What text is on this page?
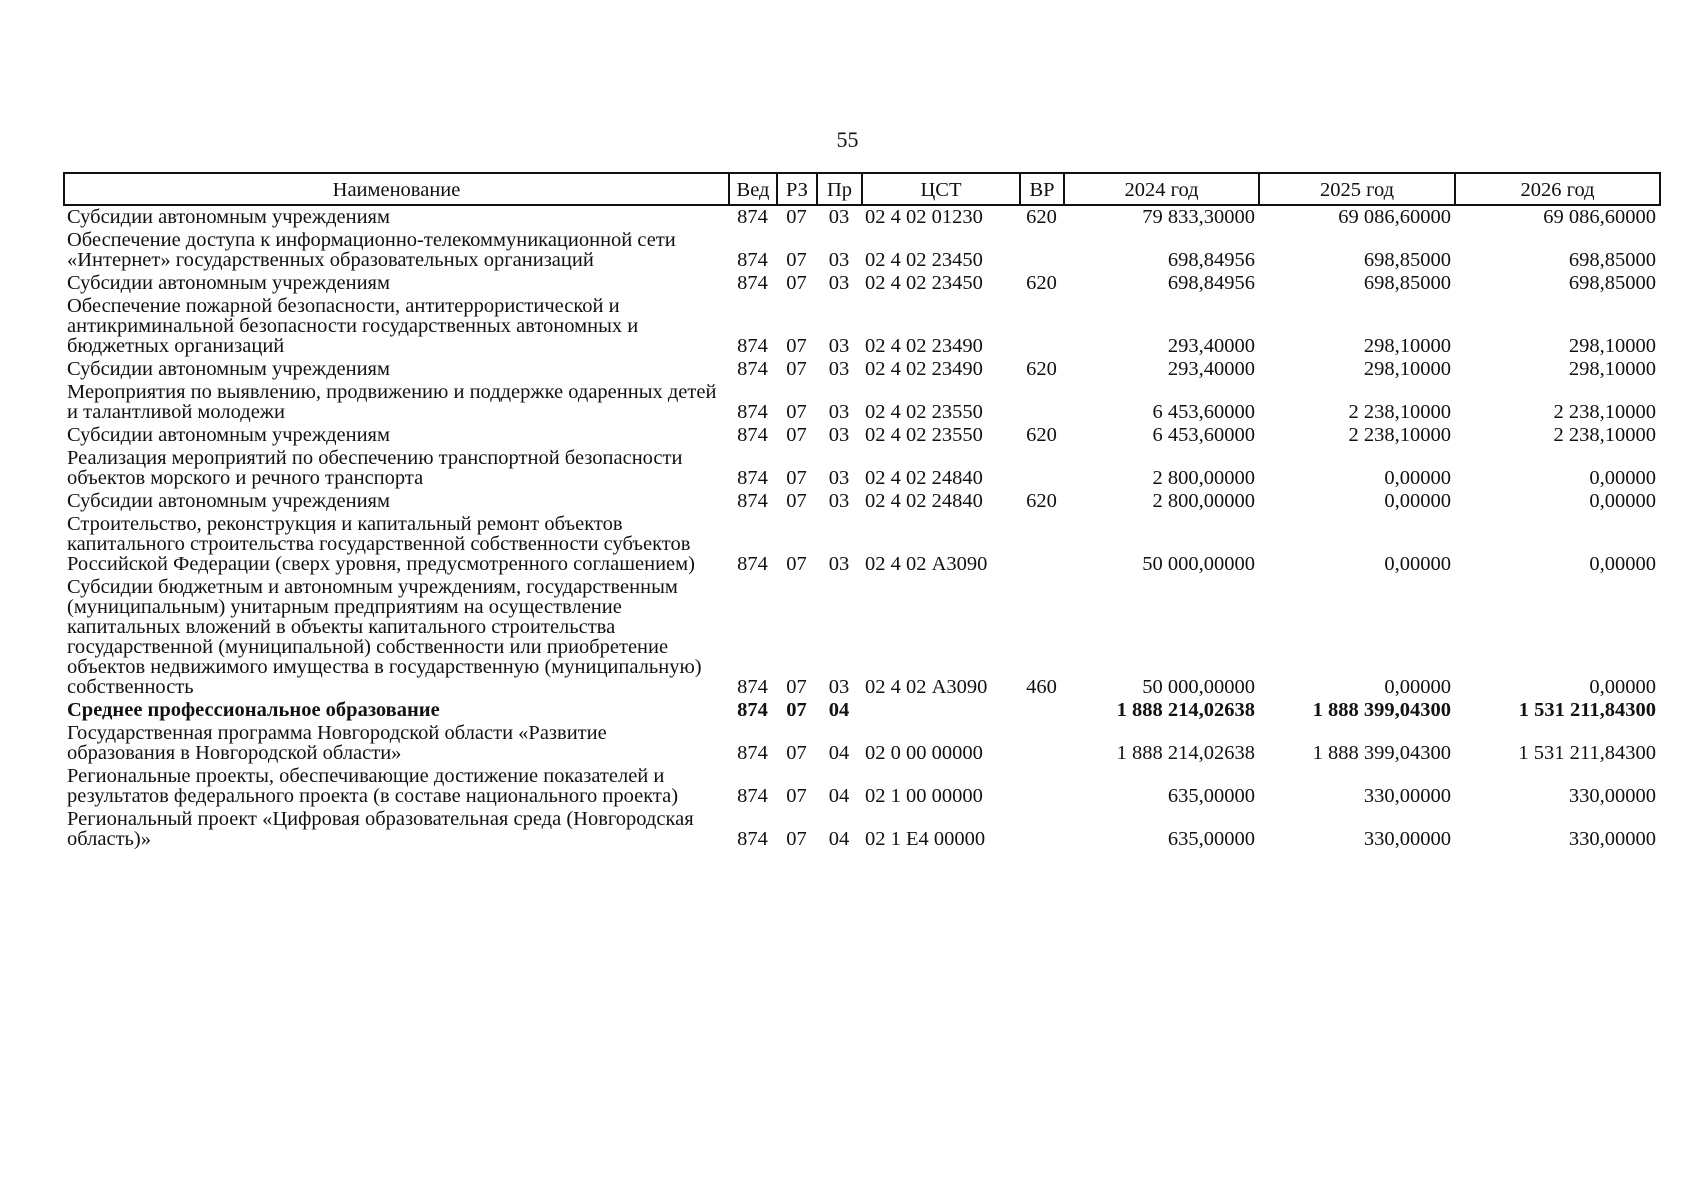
55
Наименование	Вед	РЗ	Пр	ЦСТ	ВР	2024 год	2025 год	2026 год
Субсидии автономным учреждениям	874	07	03	02 4 02 01230	620	79 833,30000	69 086,60000	69 086,60000
Обеспечение доступа к информационно-телекоммуникационной сети «Интернет» государственных образовательных организаций	874	07	03	02 4 02 23450		698,84956	698,85000	698,85000
Субсидии автономным учреждениям	874	07	03	02 4 02 23450	620	698,84956	698,85000	698,85000
Обеспечение пожарной безопасности, антитеррористической и антикриминальной безопасности государственных автономных и бюджетных организаций	874	07	03	02 4 02 23490		293,40000	298,10000	298,10000
Субсидии автономным учреждениям	874	07	03	02 4 02 23490	620	293,40000	298,10000	298,10000
Мероприятия по выявлению, продвижению и поддержке одаренных детей и талантливой молодежи	874	07	03	02 4 02 23550		6 453,60000	2 238,10000	2 238,10000
Субсидии автономным учреждениям	874	07	03	02 4 02 23550	620	6 453,60000	2 238,10000	2 238,10000
Реализация мероприятий по обеспечению транспортной безопасности объектов морского и речного транспорта	874	07	03	02 4 02 24840		2 800,00000	0,00000	0,00000
Субсидии автономным учреждениям	874	07	03	02 4 02 24840	620	2 800,00000	0,00000	0,00000
Строительство, реконструкция и капитальный ремонт объектов капитального строительства государственной собственности субъектов Российской Федерации (сверх уровня, предусмотренного соглашением)	874	07	03	02 4 02 А3090		50 000,00000	0,00000	0,00000
Субсидии бюджетным и автономным учреждениям, государственным (муниципальным) унитарным предприятиям на осуществление капитальных вложений в объекты капитального строительства государственной (муниципальной) собственности или приобретение объектов недвижимого имущества в государственную (муниципальную) собственность	874	07	03	02 4 02 А3090	460	50 000,00000	0,00000	0,00000
Среднее профессиональное образование	874	07	04			1 888 214,02638	1 888 399,04300	1 531 211,84300
Государственная программа Новгородской области «Развитие образования в Новгородской области»	874	07	04	02 0 00 00000		1 888 214,02638	1 888 399,04300	1 531 211,84300
Региональные проекты, обеспечивающие достижение показателей и результатов федерального проекта (в составе национального проекта)	874	07	04	02 1 00 00000		635,00000	330,00000	330,00000
Региональный проект «Цифровая образовательная среда (Новгородская область)»	874	07	04	02 1 Е4 00000		635,00000	330,00000	330,00000
